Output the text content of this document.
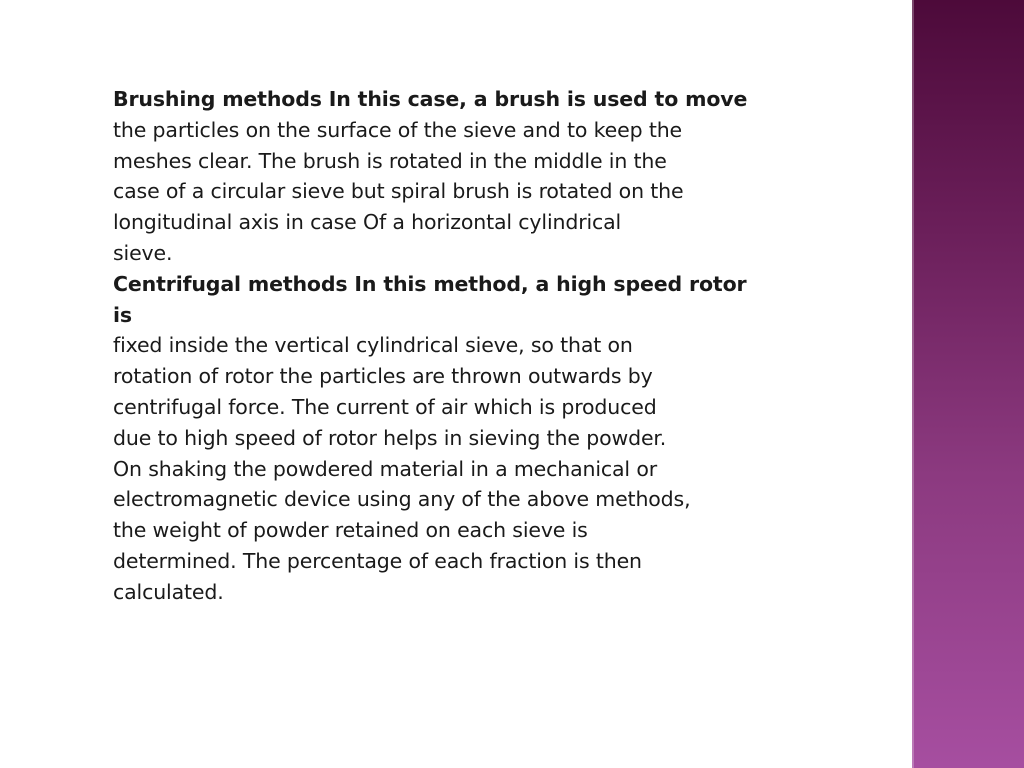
Brushing methods In this case, a brush is used to move
the particles on the surface of the sieve and to keep the
meshes clear. The brush is rotated in the middle in the
case of a circular sieve but spiral brush is rotated on the
longitudinal axis in case Of a horizontal cylindrical
sieve.
Centrifugal methods In this method, a high speed rotor
is
fixed inside the vertical cylindrical sieve, so that on
rotation of rotor the particles are thrown outwards by
centrifugal force. The current of air which is produced
due to high speed of rotor helps in sieving the powder.
On shaking the powdered material in a mechanical or
electromagnetic device using any of the above methods,
the weight of powder retained on each sieve is
determined. The percentage of each fraction is then
calculated.
